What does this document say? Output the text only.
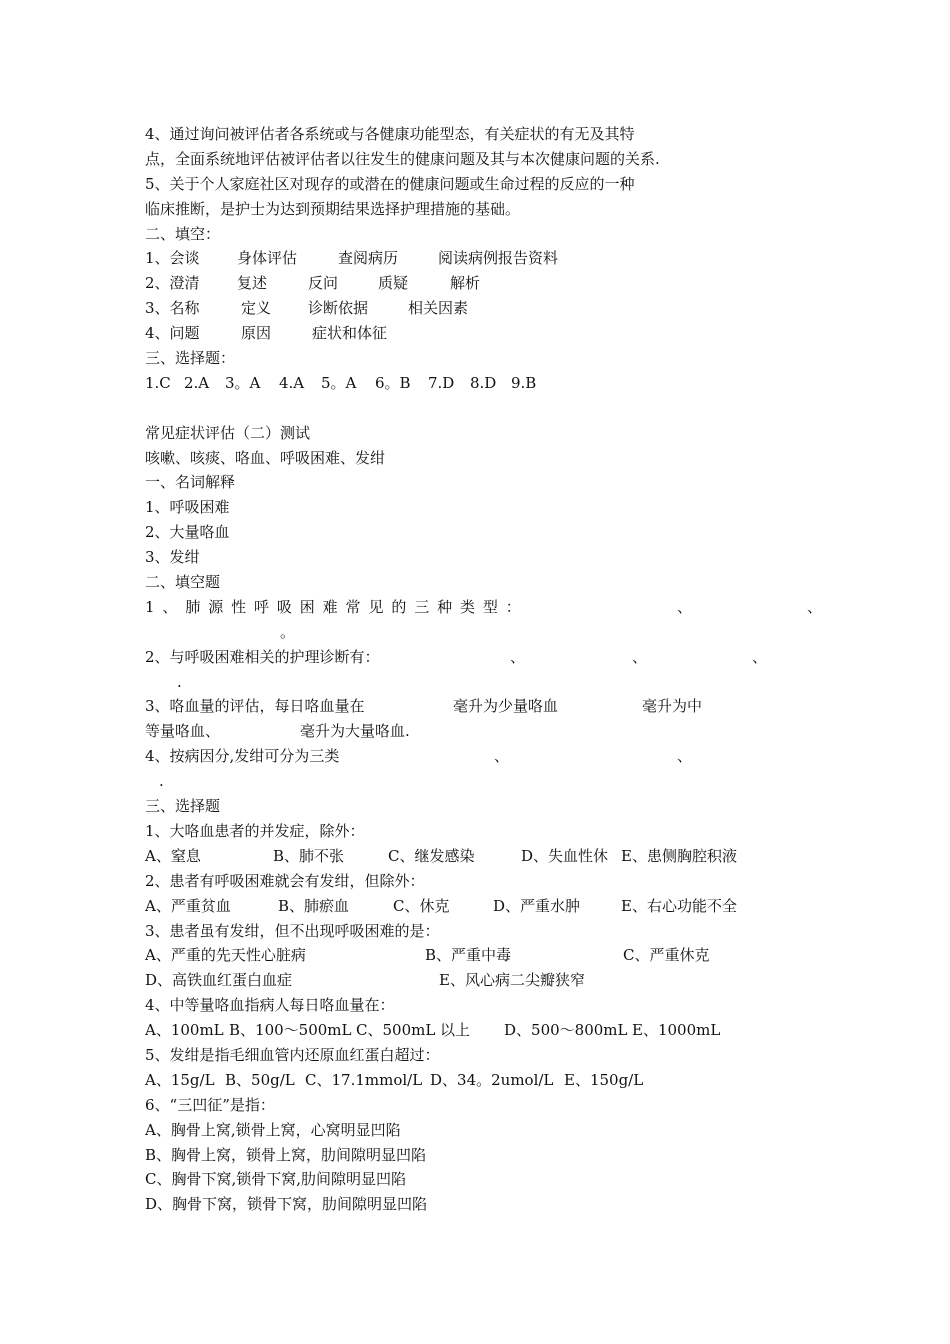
4、通过询问被评估者各系统或与各健康功能型态，有关症状的有无及其特
点，全面系统地评估被评估者以往发生的健康问题及其与本次健康问题的关系.
5、关于个人家庭社区对现存的或潜在的健康问题或生命过程的反应的一种
临床推断，是护士为达到预期结果选择护理措施的基础。
二、填空：
1、会谈 身体评估	查阅病历	阅读病例报告资料
2、澄清 复述	反问	质疑	解析
3、名称	定义 诊断依据	相关因素
4、问题	原因	症状和体征
三、选择题：
1.C 2.A 3。A 4.A 5。A 6。B 7.D 8.D 9.B
常见症状评估（二）测试
咳嗽、咳痰、咯血、呼吸困难、发绀
一、名词解释
1、呼吸困难
2、大量咯血
3、发绀
二、填空题
1 、 肺 源 性 呼 吸 困 难 常 见 的 三 种 类 型 ：	、	、
。
2、与呼吸困难相关的护理诊断有：	、	、	、
.
3、咯血量的评估，每日咯血量在	毫升为少量咯血	毫升为中
等量咯血、	毫升为大量咯血.
4、按病因分,发绀可分为三类	、	、
.
三、选择题
1、大咯血患者的并发症，除外：
A、窒息	B、肺不张	C、继发感染	D、失血性休 E、患侧胸腔积液
2、患者有呼吸困难就会有发绀，但除外：
A、严重贫血	B、肺瘀血	C、休克	D、严重水肿	E、右心功能不全
3、患者虽有发绀，但不出现呼吸困难的是：
A、严重的先天性心脏病	B、严重中毒	C、严重休克
D、高铁血红蛋白血症	E、风心病二尖瓣狭窄
4、中等量咯血指病人每日咯血量在：
A、100mL B、100～500mL C、500mL 以上 D、500～800mL E、1000mL
5、发绀是指毛细血管内还原血红蛋白超过：
A、15g/L B、50g/L C、17.1mmol/L D、34。2umol/L E、150g/L
6、“三凹征”是指：
A、胸骨上窝,锁骨上窝，心窝明显凹陷
B、胸骨上窝，锁骨上窝，肋间隙明显凹陷
C、胸骨下窝,锁骨下窝,肋间隙明显凹陷
D、胸骨下窝，锁骨下窝，肋间隙明显凹陷
